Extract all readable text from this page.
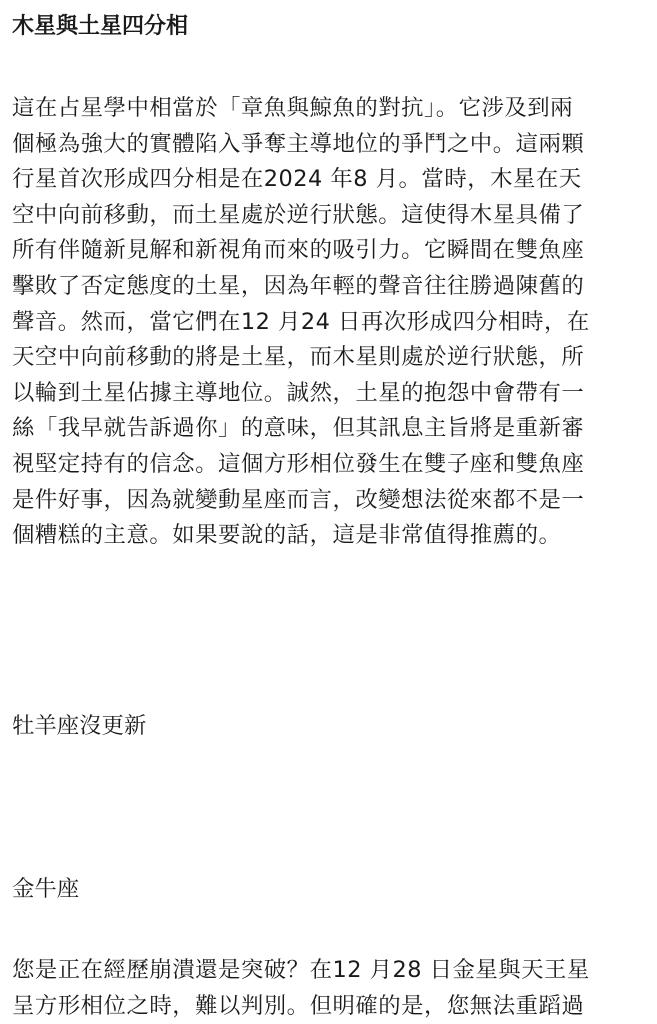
木星與土星四分相

這在占星學中相當於「章魚與鯨魚的對抗」。它涉及到兩
個極為強大的實體陷入爭奪主導地位的爭鬥之中。這兩顆
行星首次形成四分相是在2024 年8 月。當時，木星在天
空中向前移動，而土星處於逆行狀態。這使得木星具備了
所有伴隨新見解和新視角而來的吸引力。它瞬間在雙魚座
擊敗了否定態度的土星，因為年輕的聲音往往勝過陳舊的
聲音。然而，當它們在12 月24 日再次形成四分相時，在
天空中向前移動的將是土星，而木星則處於逆行狀態，所
以輪到土星佔據主導地位。誠然，土星的抱怨中會帶有一
絲「我早就告訴過你」的意味，但其訊息主旨將是重新審
視堅定持有的信念。這個方形相位發生在雙子座和雙魚座
是件好事，因為就變動星座而言，改變想法從來都不是一
個糟糕的主意。如果要說的話，這是非常值得推薦的。

牡羊座沒更新
金牛座

您是正在經歷崩潰還是突破？在12 月28 日金星與天王星
呈方形相位之時，難以判別。但明確的是，您無法重蹈過
